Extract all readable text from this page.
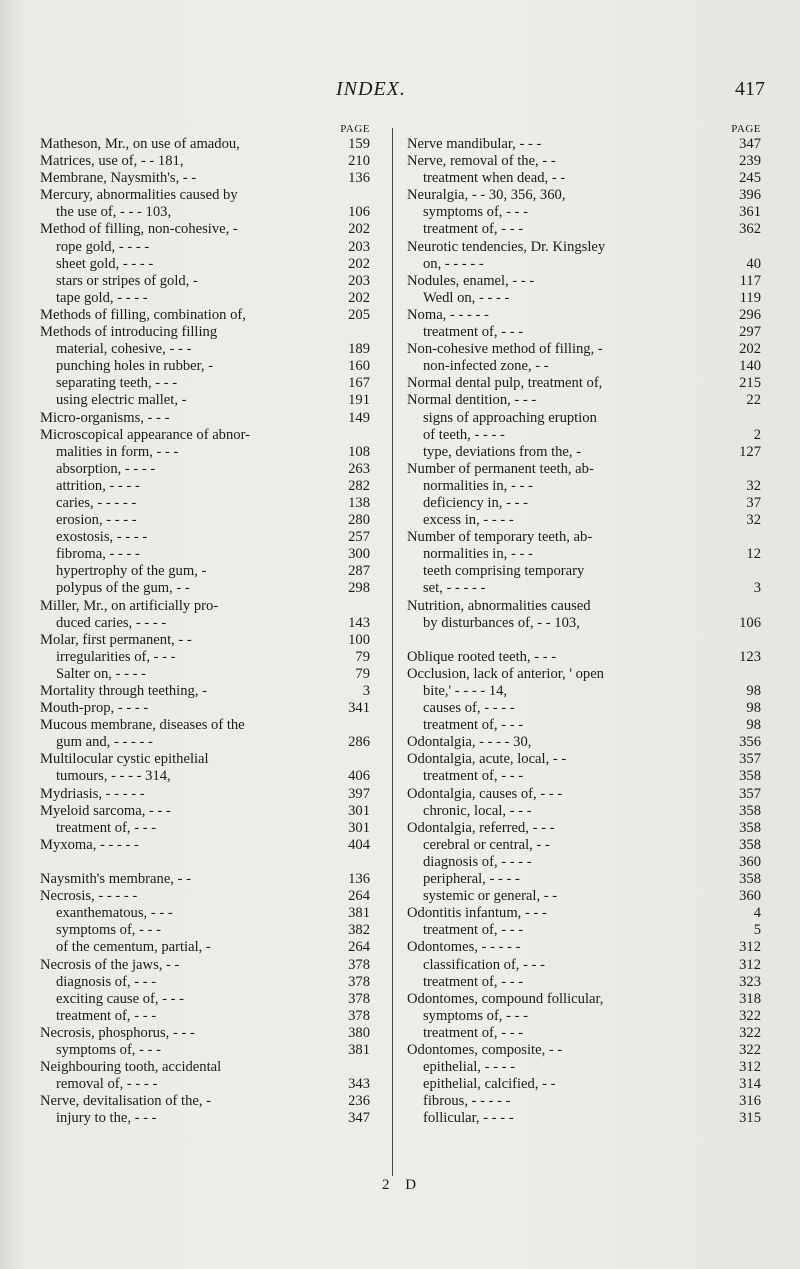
INDEX.	417
PAGE
Matheson, Mr., on use of amadou,	159
Matrices, use of, - - 181,	210
Membrane, Naysmith's, - -	136
Mercury, abnormalities caused by
the use of, - - - 103,	106
Method of filling, non-cohesive, -	202
rope gold, - - - -	203
sheet gold, - - - -	202
stars or stripes of gold, -	203
tape gold, - - - -	202
Methods of filling, combination of,	205
Methods of introducing filling
material, cohesive, - - -	189
punching holes in rubber, -	160
separating teeth, - - -	167
using electric mallet, -	191
Micro-organisms, - - -	149
Microscopical appearance of abnor-
malities in form, - - -	108
absorption, - - - -	263
attrition, - - - -	282
caries, - - - - -	138
erosion, - - - -	280
exostosis, - - - -	257
fibroma, - - - -	300
hypertrophy of the gum, -	287
polypus of the gum, - -	298
Miller, Mr., on artificially pro-
duced caries, - - - -	143
Molar, first permanent, - -	100
irregularities of, - - -	79
Salter on, - - - -	79
Mortality through teething, -	3
Mouth-prop, - - - -	341
Mucous membrane, diseases of the
gum and, - - - - -	286
Multilocular cystic epithelial
tumours, - - - - 314,	406
Mydriasis, - - - - -	397
Myeloid sarcoma, - - -	301
treatment of, - - -	301
Myxoma, - - - - -	404
Naysmith's membrane, - -	136
Necrosis, - - - - -	264
exanthematous, - - -	381
symptoms of, - - -	382
of the cementum, partial, -	264
Necrosis of the jaws, - -	378
diagnosis of, - - -	378
exciting cause of, - - -	378
treatment of, - - -	378
Necrosis, phosphorus, - - -	380
symptoms of, - - -	381
Neighbouring tooth, accidental
removal of, - - - -	343
Nerve, devitalisation of the, -	236
injury to the, - - -	347
PAGE
Nerve mandibular, - - -	347
Nerve, removal of the, - -	239
treatment when dead, - -	245
Neuralgia, - - 30, 356, 360,	396
symptoms of, - - -	361
treatment of, - - -	362
Neurotic tendencies, Dr. Kingsley
on, - - - - -	40
Nodules, enamel, - - -	117
Wedl on, - - - -	119
Noma, - - - - -	296
treatment of, - - -	297
Non-cohesive method of filling, -	202
non-infected zone, - -	140
Normal dental pulp, treatment of,	215
Normal dentition, - - -	22
signs of approaching eruption
of teeth, - - - -	2
type, deviations from the, -	127
Number of permanent teeth, ab-
normalities in, - - -	32
deficiency in, - - -	37
excess in, - - - -	32
Number of temporary teeth, ab-
normalities in, - - -	12
teeth comprising temporary
set, - - - - -	3
Nutrition, abnormalities caused
by disturbances of, - - 103,	106
Oblique rooted teeth, - - -	123
Occlusion, lack of anterior, ' open
bite,' - - - - 14,	98
causes of, - - - -	98
treatment of, - - -	98
Odontalgia, - - - - 30,	356
Odontalgia, acute, local, - -	357
treatment of, - - -	358
Odontalgia, causes of, - - -	357
chronic, local, - - -	358
Odontalgia, referred, - - -	358
cerebral or central, - -	358
diagnosis of, - - - -	360
peripheral, - - - -	358
systemic or general, - -	360
Odontitis infantum, - - -	4
treatment of, - - -	5
Odontomes, - - - - -	312
classification of, - - -	312
treatment of, - - -	323
Odontomes, compound follicular,	318
symptoms of, - - -	322
treatment of, - - -	322
Odontomes, composite, - -	322
epithelial, - - - -	312
epithelial, calcified, - -	314
fibrous, - - - - -	316
follicular, - - - -	315
2 D
